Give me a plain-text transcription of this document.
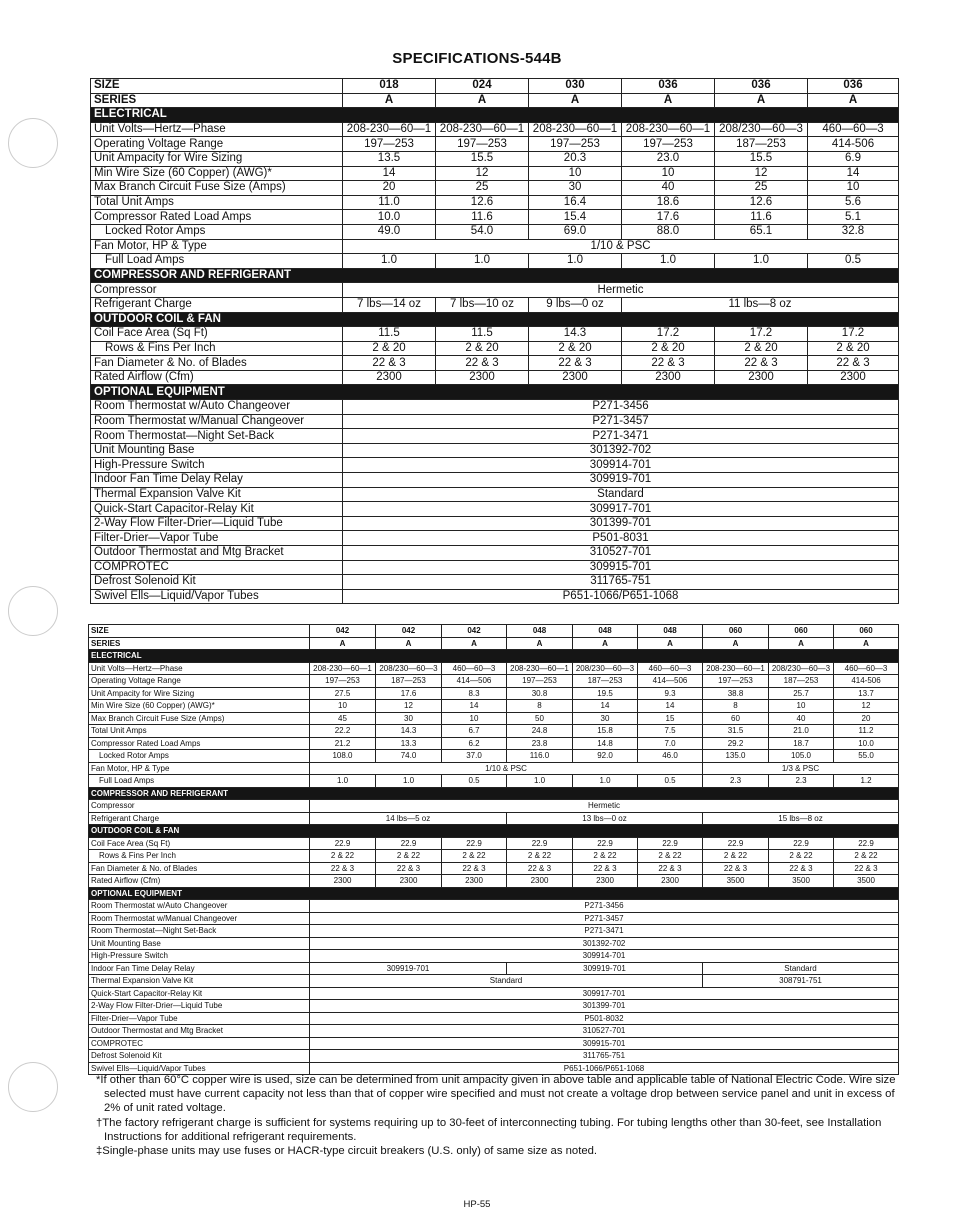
SPECIFICATIONS-544B
SIZE	018	024	030	036	036	036
SERIES	A	A	A	A	A	A
ELECTRICAL						
Unit Volts—Hertz—Phase	208-230—60—1	208-230—60—1	208-230—60—1	208-230—60—1	208/230—60—3	460—60—3
Operating Voltage Range	197—253	197—253	197—253	197—253	187—253	414-506
Unit Ampacity for Wire Sizing	13.5	15.5	20.3	23.0	15.5	6.9
Min Wire Size (60 Copper) (AWG)*	14	12	10	10	12	14
Max Branch Circuit Fuse Size (Amps)	20	25	30	40	25	10
Total Unit Amps	11.0	12.6	16.4	18.6	12.6	5.6
Compressor Rated Load Amps	10.0	11.6	15.4	17.6	11.6	5.1
Locked Rotor Amps	49.0	54.0	69.0	88.0	65.1	32.8
Fan Motor, HP & Type	1/10 & PSC					
Full Load Amps	1.0	1.0	1.0	1.0	1.0	0.5
COMPRESSOR AND REFRIGERANT						
Compressor	Hermetic					
Refrigerant Charge	7 lbs—14 oz	7 lbs—10 oz	9 lbs—0 oz	11 lbs—8 oz		
OUTDOOR COIL & FAN						
Coil Face Area (Sq Ft)	11.5	11.5	14.3	17.2	17.2	17.2
Rows & Fins Per Inch	2 & 20	2 & 20	2 & 20	2 & 20	2 & 20	2 & 20
Fan Diameter & No. of Blades	22 & 3	22 & 3	22 & 3	22 & 3	22 & 3	22 & 3
Rated Airflow (Cfm)	2300	2300	2300	2300	2300	2300
OPTIONAL EQUIPMENT						
Room Thermostat w/Auto Changeover	P271-3456					
Room Thermostat w/Manual Changeover	P271-3457					
Room Thermostat—Night Set-Back	P271-3471					
Unit Mounting Base	301392-702					
High-Pressure Switch	309914-701					
Indoor Fan Time Delay Relay	309919-701					
Thermal Expansion Valve Kit	Standard					
Quick-Start Capacitor-Relay Kit	309917-701					
2-Way Flow Filter-Drier—Liquid Tube	301399-701					
Filter-Drier—Vapor Tube	P501-8031					
Outdoor Thermostat and Mtg Bracket	310527-701					
COMPROTEC	309915-701					
Defrost Solenoid Kit	311765-751					
Swivel Ells—Liquid/Vapor Tubes	P651-1066/P651-1068					
SIZE	042	042	042	048	048	048	060	060	060
SERIES	A	A	A	A	A	A	A	A	A
ELECTRICAL									
Unit Volts—Hertz—Phase	208-230—60—1	208/230—60—3	460—60—3	208-230—60—1	208/230—60—3	460—60—3	208-230—60—1	208/230—60—3	460—60—3
Operating Voltage Range	197—253	187—253	414—506	197—253	187—253	414—506	197—253	187—253	414-506
Unit Ampacity for Wire Sizing	27.5	17.6	8.3	30.8	19.5	9.3	38.8	25.7	13.7
Min Wire Size (60 Copper) (AWG)*	10	12	14	8	14	14	8	10	12
Max Branch Circuit Fuse Size (Amps)	45	30	10	50	30	15	60	40	20
Total Unit Amps	22.2	14.3	6.7	24.8	15.8	7.5	31.5	21.0	11.2
Compressor Rated Load Amps	21.2	13.3	6.2	23.8	14.8	7.0	29.2	18.7	10.0
Locked Rotor Amps	108.0	74.0	37.0	116.0	92.0	46.0	135.0	105.0	55.0
Fan Motor, HP & Type	1/10 & PSC						1/3 & PSC		
Full Load Amps	1.0	1.0	0.5	1.0	1.0	0.5	2.3	2.3	1.2
COMPRESSOR AND REFRIGERANT									
Compressor	Hermetic								
Refrigerant Charge	14 lbs—5 oz			13 lbs—0 oz			15 lbs—8 oz		
OUTDOOR COIL & FAN									
Coil Face Area (Sq Ft)	22.9	22.9	22.9	22.9	22.9	22.9	22.9	22.9	22.9
Rows & Fins Per Inch	2 & 22	2 & 22	2 & 22	2 & 22	2 & 22	2 & 22	2 & 22	2 & 22	2 & 22
Fan Diameter & No. of Blades	22 & 3	22 & 3	22 & 3	22 & 3	22 & 3	22 & 3	22 & 3	22 & 3	22 & 3
Rated Airflow (Cfm)	2300	2300	2300	2300	2300	2300	3500	3500	3500
OPTIONAL EQUIPMENT									
Room Thermostat w/Auto Changeover	P271-3456								
Room Thermostat w/Manual Changeover	P271-3457								
Room Thermostat—Night Set-Back	P271-3471								
Unit Mounting Base	301392-702								
High-Pressure Switch	309914-701								
Indoor Fan Time Delay Relay	309919-701			309919-701			Standard		
Thermal Expansion Valve Kit	Standard						308791-751		
Quick-Start Capacitor-Relay Kit	309917-701								
2-Way Flow Filter-Drier—Liquid Tube	301399-701								
Filter-Drier—Vapor Tube	P501-8032								
Outdoor Thermostat and Mtg Bracket	310527-701								
COMPROTEC	309915-701								
Defrost Solenoid Kit	311765-751								
Swivel Ells—Liquid/Vapor Tubes	P651-1066/P651-1068								

*If other than 60°C copper wire is used, size can be determined from unit ampacity given in above table and applicable table of National Electric Code. Wire size selected must have current capacity not less than that of copper wire specified and must not create a voltage drop between service panel and unit in excess of 2% of unit rated voltage.

†The factory refrigerant charge is sufficient for systems requiring up to 30-feet of interconnecting tubing. For tubing lengths other than 30-feet, see Installation Instructions for additional refrigerant requirements.

‡Single-phase units may use fuses or HACR-type circuit breakers (U.S. only) of same size as noted.

HP-55
